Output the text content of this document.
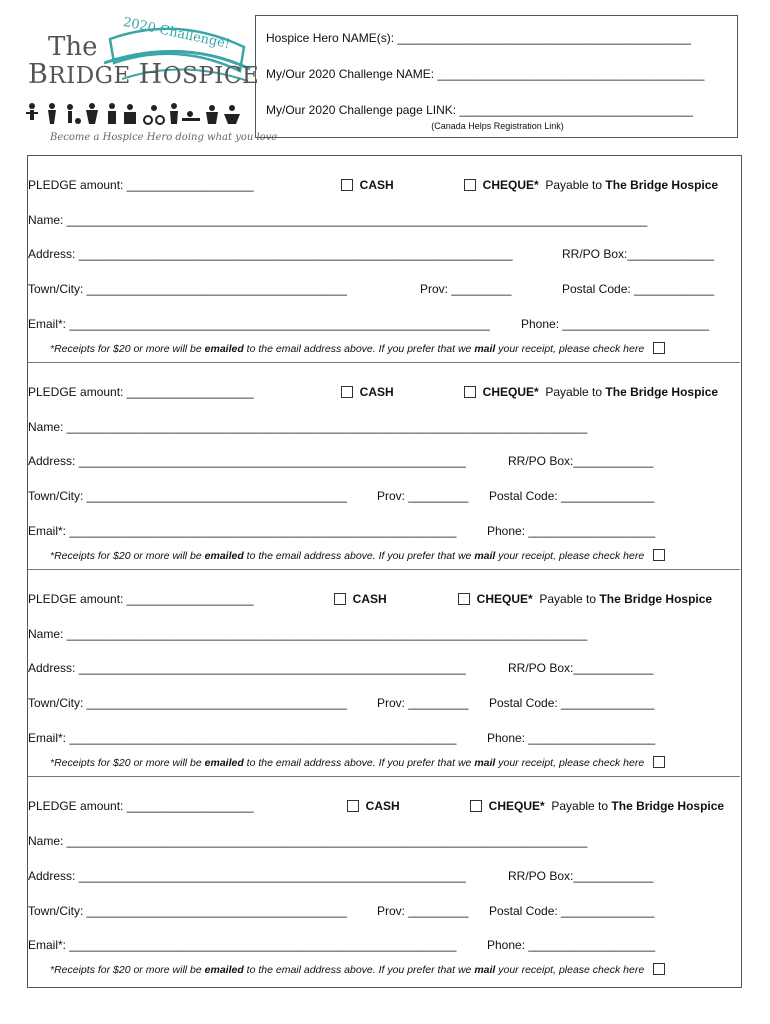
2020 Challenge!
The
BRIDGE HOSPICE
Become a Hospice Hero doing what you love
Hospice Hero NAME(s): ____________________________________________
My/Our 2020 Challenge NAME: ________________________________________
My/Our 2020 Challenge page LINK: ___________________________________
(Canada Helps Registration Link)
PLEDGE amount: ___________________	CASH	CHEQUE* Payable to The Bridge Hospice
Name: _______________________________________________________________________________________
Address: _________________________________________________________________	RR/PO Box:_____________
Town/City: _______________________________________	Prov: _________	Postal Code: ____________
Email*: _______________________________________________________________	Phone: ______________________
*Receipts for $20 or more will be emailed to the email address above. If you prefer that we mail your receipt, please check here
PLEDGE amount: ___________________	CASH	CHEQUE* Payable to The Bridge Hospice
Name: ______________________________________________________________________________
Address: __________________________________________________________	RR/PO Box:____________
Town/City: _______________________________________	Prov: _________ Postal Code: ______________
Email*: __________________________________________________________	Phone: ___________________
*Receipts for $20 or more will be emailed to the email address above. If you prefer that we mail your receipt, please check here
PLEDGE amount: ___________________	CASH	CHEQUE* Payable to The Bridge Hospice
Name: ______________________________________________________________________________
Address: __________________________________________________________	RR/PO Box:____________
Town/City: _______________________________________	Prov: _________ Postal Code: ______________
Email*: __________________________________________________________	Phone: ___________________
*Receipts for $20 or more will be emailed to the email address above. If you prefer that we mail your receipt, please check here
PLEDGE amount: ___________________	CASH	CHEQUE* Payable to The Bridge Hospice
Name: ______________________________________________________________________________
Address: __________________________________________________________	RR/PO Box:____________
Town/City: _______________________________________	Prov: _________ Postal Code: ______________
Email*: __________________________________________________________	Phone: ___________________
*Receipts for $20 or more will be emailed to the email address above. If you prefer that we mail your receipt, please check here
